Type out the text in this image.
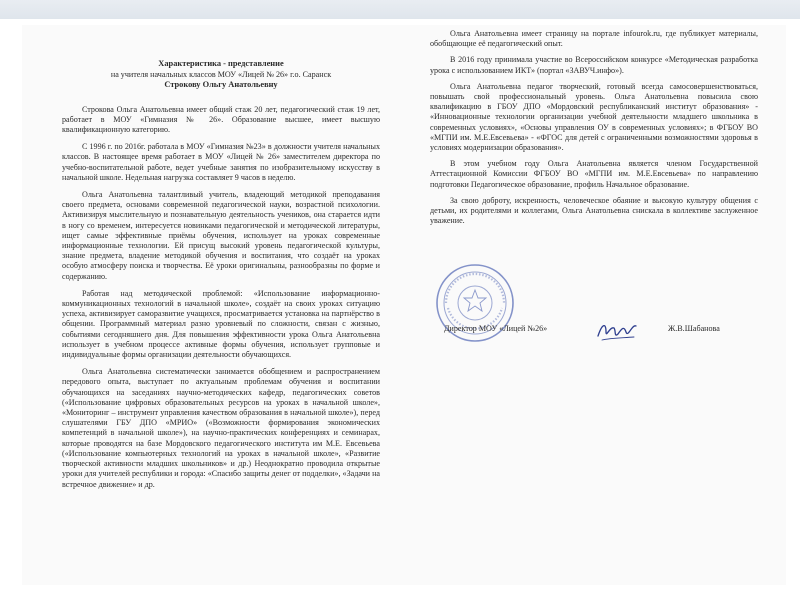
Характеристика - представление

на учителя начальных классов МОУ «Лицей № 26» г.о. Саранск

Строкову Ольгу Анатольевну

Строкова Ольга Анатольевна имеет общий стаж 20 лет, педагогический стаж 19 лет, работает в МОУ «Гимназия № 26». Образование высшее, имеет высшую квалификационную категорию.

С 1996 г. по 2016г. работала в МОУ «Гимназия №23» в должности учителя начальных классов. В настоящее время работает в МОУ «Лицей № 26» заместителем директора по учебно-воспитательной работе, ведет учебные занятия по изобразительному искусству в начальной школе. Недельная нагрузка составляет 9 часов в неделю.

Ольга Анатольевна талантливый учитель, владеющий методикой преподавания своего предмета, основами современной педагогической науки, возрастной психологии. Активизируя мыслительную и познавательную деятельность учеников, она старается идти в ногу со временем, интересуется новинками педагогической и методической литературы, ищет самые эффективные приёмы обучения, использует на уроках современные информационные технологии. Ей присущ высокий уровень педагогической культуры, знание предмета, владение методикой обучения и воспитания, что создаёт на уроках особую атмосферу поиска и творчества. Её уроки оригинальны, разнообразны по форме и содержанию.

Работая над методической проблемой: «Использование информационно-коммуникационных технологий в начальной школе», создаёт на своих уроках ситуацию успеха, активизирует саморазвитие учащихся, просматривается установка на партнёрство в общении. Программный материал разно уровневый по сложности, связан с жизнью, событиями сегодняшнего дня. Для повышения эффективности урока Ольга Анатольевна использует в учебном процессе активные формы обучения, использует групповые и индивидуальные формы организации деятельности обучающихся.

Ольга Анатольевна систематически занимается обобщением и распространением передового опыта, выступает по актуальным проблемам обучения и воспитании обучающихся на заседаниях научно-методических кафедр, педагогических советов («Использование цифровых образовательных ресурсов на уроках в начальной школе», «Мониторинг – инструмент управления качеством образования в начальной школе»), перед слушателями ГБУ ДПО «МРИО» («Возможности формирования экономических компетенций в начальной школе»), на научно-практических конференциях и семинарах, которые проводятся на базе Мордовского педагогического института им М.Е. Евсевьева («Использование компьютерных технологий на уроках в начальной школе», «Развитие творческой активности младших школьников» и др.) Неоднократно проводила открытые уроки для учителей республики и города: «Спасибо защиты денег от подделки», «Задачи на встречное движение» и др.

Ольга Анатольевна имеет страницу на портале infourok.ru, где публикует материалы, обобщающие её педагогический опыт.

В 2016 году принимала участие во Всероссийском конкурсе «Методическая разработка урока с использованием ИКТ» (портал «ЗАВУЧ.инфо»).

Ольга Анатольевна педагог творческий, готовый всегда самосовершенствоваться, повышать свой профессиональный уровень. Ольга Анатольевна повысила свою квалификацию в ГБОУ ДПО «Мордовский республиканский институт образования» - «Инновационные технологии организации учебной деятельности младшего школьника в современных условиях», «Основы управления ОУ в современных условиях»; в ФГБОУ ВО «МГПИ им. М.Е.Евсевьева» - «ФГОС для детей с ограниченными возможностями здоровья в условиях модернизации образования».

В этом учебном году Ольга Анатольевна является членом Государственной Аттестационной Комиссии ФГБОУ ВО «МГПИ им. М.Е.Евсевьева» по направлению подготовки Педагогическое образование, профиль Начальное образование.

За свою доброту, искренность, человеческое обаяние и высокую культуру общения с детьми, их родителями и коллегами, Ольга Анатольевна снискала в коллективе заслуженное уважение.

Директор МОУ «Лицей №26»	Ж.В.Шабанова
